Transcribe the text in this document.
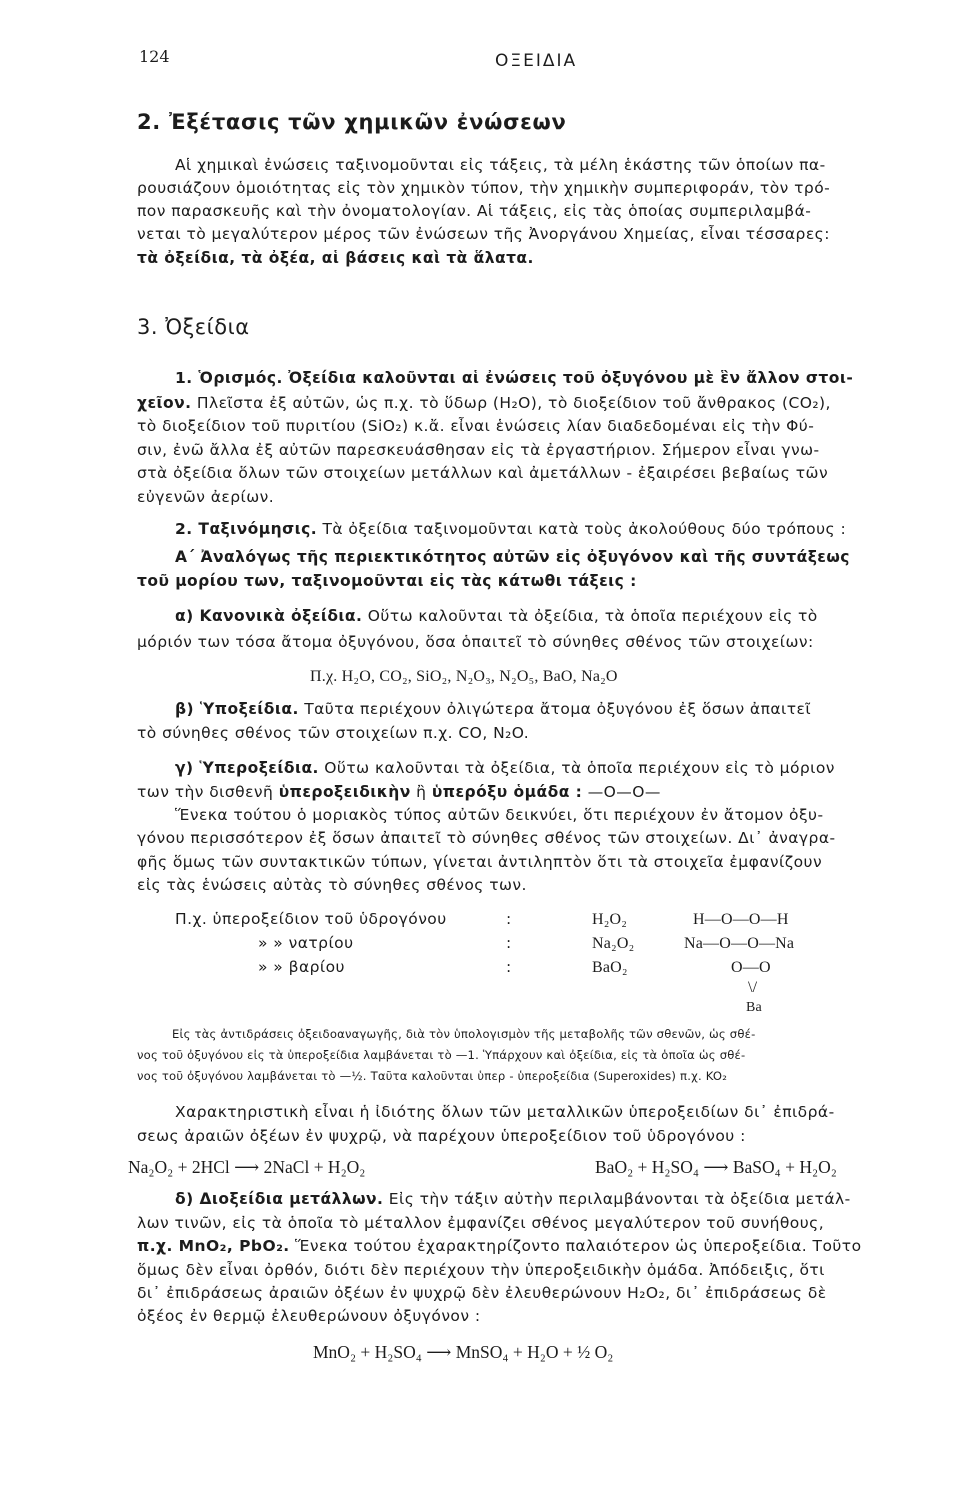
124	ΟΞΕΙΔΙΑ
2. Ἐξέτασις τῶν χημικῶν ἐνώσεων
Αἱ χημικαὶ ἐνώσεις ταξινομοῦνται εἰς τάξεις, τὰ μέλη ἑκάστης τῶν ὁποίων πα-
ρουσιάζουν ὁμοιότητας εἰς τὸν χημικὸν τύπον, τὴν χημικὴν συμπεριφοράν, τὸν τρό-
πον παρασκευῆς καὶ τὴν ὀνοματολογίαν. Αἱ τάξεις, εἰς τὰς ὁποίας συμπεριλαμβά-
νεται τὸ μεγαλύτερον μέρος τῶν ἐνώσεων τῆς Ἀνοργάνου Χημείας, εἶναι τέσσαρες:
τὰ ὀξείδια, τὰ ὀξέα, αἱ βάσεις καὶ τὰ ἅλατα.
3. Ὀξείδια
1. Ὁρισμός. Ὀξείδια καλοῦνται αἱ ἐνώσεις τοῦ ὀξυγόνου μὲ ἓν ἄλλον στοι-
χεῖον. Πλεῖστα ἐξ αὐτῶν, ὡς π.χ. τὸ ὕδωρ (H₂O), τὸ διοξείδιον τοῦ ἄνθρακος (CO₂),
τὸ διοξείδιον τοῦ πυριτίου (SiO₂) κ.ἄ. εἶναι ἑνώσεις λίαν διαδεδομέναι εἰς τὴν Φύ-
σιν, ἐνῶ ἄλλα ἐξ αὐτῶν παρεσκευάσθησαν εἰς τὰ ἐργαστήριον. Σήμερον εἶναι γνω-
στὰ ὀξείδια ὅλων τῶν στοιχείων μετάλλων καὶ ἀμετάλλων - ἐξαιρέσει βεβαίως τῶν
εὐγενῶν ἀερίων.
2. Ταξινόμησις. Τὰ ὀξείδια ταξινομοῦνται κατὰ τοὺς ἀκολούθους δύο τρόπους :
Α΄ Ἀναλόγως τῆς περιεκτικότητος αὐτῶν εἰς ὀξυγόνον καὶ τῆς συντάξεως
τοῦ μορίου των, ταξινομοῦνται εἰς τὰς κάτωθι τάξεις :
α) Κανονικὰ ὀξείδια. Οὕτω καλοῦνται τὰ ὀξείδια, τὰ ὁποῖα περιέχουν εἰς τὸ
μόριόν των τόσα ἄτομα ὀξυγόνου, ὅσα ὁπαιτεῖ τὸ σύνηθες σθένος τῶν στοιχείων:
Π.χ. H₂O, CO₂, SiO₂, N₂O₃, N₂O₅, BaO, Na₂O
β) Ὑποξείδια. Ταῦτα περιέχουν ὀλιγώτερα ἄτομα ὀξυγόνου ἐξ ὅσων ἀπαιτεῖ
τὸ σύνηθες σθένος τῶν στοιχείων π.χ. CO, N₂O.
γ) Ὑπεροξείδια. Οὕτω καλοῦνται τὰ ὀξείδια, τὰ ὁποῖα περιέχουν εἰς τὸ μόριον
των τὴν δισθενῆ ὑπεροξειδικὴν ἢ ὑπερόξυ ὁμάδα : —O—O—
Ἕνεκα τούτου ὁ μοριακὸς τύπος αὐτῶν δεικνύει, ὅτι περιέχουν ἐν ἄτομον ὀξυ-
γόνου περισσότερον ἐξ ὅσων ἀπαιτεῖ τὸ σύνηθες σθένος τῶν στοιχείων. Δι᾿ ἀναγρα-
φῆς ὅμως τῶν συντακτικῶν τύπων, γίνεται ἀντιληπτὸν ὅτι τὰ στοιχεῖα ἐμφανίζουν
εἰς τὰς ἑνώσεις αὐτὰς τὸ σύνηθες σθένος των.
Π.χ. ὑπεροξείδιον τοῦ ὑδρογόνου	:	H₂O₂	H—O—O—H
» » νατρίου	:	Na₂O₂	Na—O—O—Na
» » βαρίου	:	BaO₂	O—O
\/
Ba
Εἰς τὰς ἀντιδράσεις ὀξειδοαναγωγῆς, διὰ τὸν ὑπολογισμὸν τῆς μεταβολῆς τῶν σθενῶν, ὡς σθέ-
νος τοῦ ὀξυγόνου εἰς τὰ ὑπεροξείδια λαμβάνεται τὸ —1. Ὑπάρχουν καὶ ὀξείδια, εἰς τὰ ὁποῖα ὡς σθέ-
νος τοῦ ὀξυγόνου λαμβάνεται τὸ —½. Ταῦτα καλοῦνται ὑπερ - ὑπεροξείδια (Superoxides) π.χ. KO₂
Χαρακτηριστικὴ εἶναι ἡ ἰδιότης ὅλων τῶν μεταλλικῶν ὑπεροξειδίων δι᾿ ἐπιδρά-
σεως ἀραιῶν ὀξέων ἐν ψυχρῷ, νὰ παρέχουν ὑπεροξείδιον τοῦ ὑδρογόνου :
Na₂O₂ + 2HCl ⟶ 2NaCl + H₂O₂	BaO₂ + H₂SO₄ ⟶ BaSO₄ + H₂O₂
δ) Διοξείδια μετάλλων. Εἰς τὴν τάξιν αὐτὴν περιλαμβάνονται τὰ ὀξείδια μετάλ-
λων τινῶν, εἰς τὰ ὁποῖα τὸ μέταλλον ἐμφανίζει σθένος μεγαλύτερον τοῦ συνήθους,
π.χ. MnO₂, PbO₂. Ἕνεκα τούτου ἐχαρακτηρίζοντο παλαιότερον ὡς ὑπεροξείδια. Τοῦτο
ὅμως δὲν εἶναι ὀρθόν, διότι δὲν περιέχουν τὴν ὑπεροξειδικὴν ὁμάδα. Ἀπόδειξις, ὅτι
δι᾿ ἐπιδράσεως ἀραιῶν ὀξέων ἐν ψυχρῷ δὲν ἐλευθερώνουν H₂O₂, δι᾿ ἐπιδράσεως δὲ
ὀξέος ἐν θερμῷ ἐλευθερώνουν ὀξυγόνον :
MnO₂ + H₂SO₄ ⟶ MnSO₄ + H₂O + ½ O₂
